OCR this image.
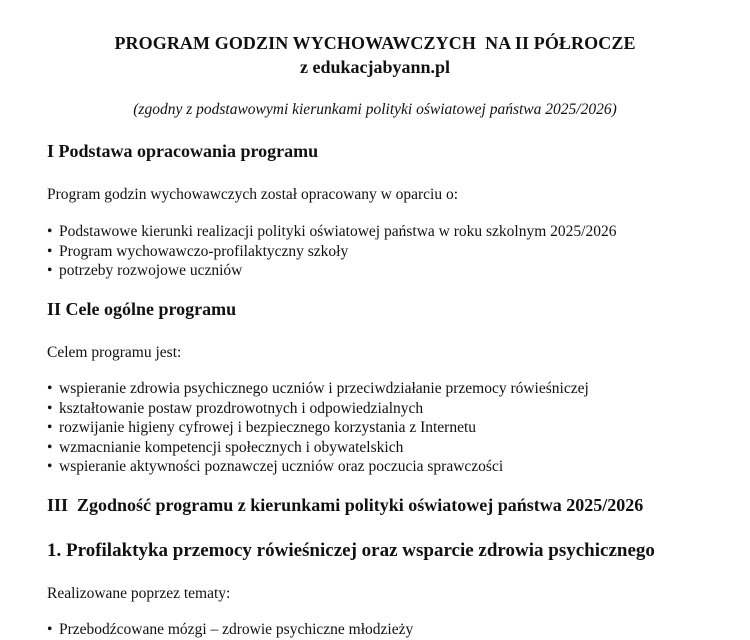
PROGRAM GODZIN WYCHOWAWCZYCH  NA II PÓŁROCZE
z edukacjabyann.pl
(zgodny z podstawowymi kierunkami polityki oświatowej państwa 2025/2026)
I Podstawa opracowania programu
Program godzin wychowawczych został opracowany w oparciu o:
• Podstawowe kierunki realizacji polityki oświatowej państwa w roku szkolnym 2025/2026
• Program wychowawczo-profilaktyczny szkoły
• potrzeby rozwojowe uczniów
II Cele ogólne programu
Celem programu jest:
• wspieranie zdrowia psychicznego uczniów i przeciwdziałanie przemocy rówieśniczej
• kształtowanie postaw prozdrowotnych i odpowiedzialnych
• rozwijanie higieny cyfrowej i bezpiecznego korzystania z Internetu
• wzmacnianie kompetencji społecznych i obywatelskich
• wspieranie aktywności poznawczej uczniów oraz poczucia sprawczości
III  Zgodność programu z kierunkami polityki oświatowej państwa 2025/2026
1. Profilaktyka przemocy rówieśniczej oraz wsparcie zdrowia psychicznego
Realizowane poprzez tematy:
• Przebodźcowane mózgi – zdrowie psychiczne młodzieży
